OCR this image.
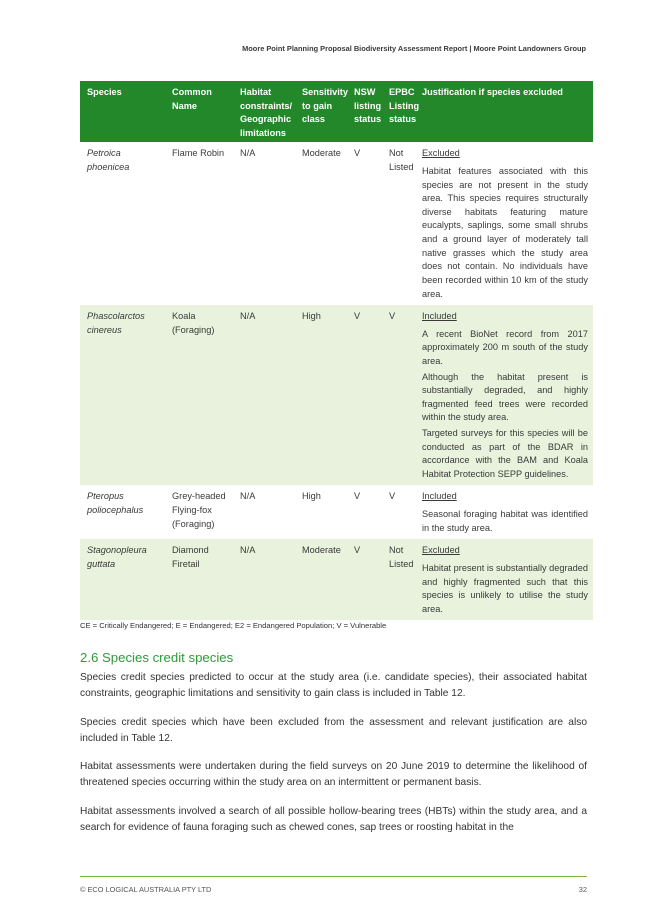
Moore Point Planning Proposal Biodiversity Assessment Report | Moore Point Landowners Group
Species	Common Name	Habitat constraints/ Geographic limitations	Sensitivity to gain class	NSW listing status	EPBC Listing status	Justification if species excluded
Petroica phoenicea	Flame Robin	N/A	Moderate	V	Not Listed	Excluded

Habitat features associated with this species are not present in the study area. This species requires structurally diverse habitats featuring mature eucalypts, saplings, some small shrubs and a ground layer of moderately tall native grasses which the study area does not contain. No individuals have been recorded within 10 km of the study area.

Phascolarctos cinereus	Koala (Foraging)	N/A	High	V	V	Included

A recent BioNet record from 2017 approximately 200 m south of the study area.

Although the habitat present is substantially degraded, and highly fragmented feed trees were recorded within the study area.

Targeted surveys for this species will be conducted as part of the BDAR in accordance with the BAM and Koala Habitat Protection SEPP guidelines.

Pteropus poliocephalus	Grey-headed Flying-fox (Foraging)	N/A	High	V	V	Included

Seasonal foraging habitat was identified in the study area.

Stagonopleura guttata	Diamond Firetail	N/A	Moderate	V	Not Listed	Excluded

Habitat present is substantially degraded and highly fragmented such that this species is unlikely to utilise the study area.

CE = Critically Endangered; E = Endangered; E2 = Endangered Population; V = Vulnerable
2.6 Species credit species

Species credit species predicted to occur at the study area (i.e. candidate species), their associated habitat constraints, geographic limitations and sensitivity to gain class is included in Table 12.

Species credit species which have been excluded from the assessment and relevant justification are also included in Table 12.

Habitat assessments were undertaken during the field surveys on 20 June 2019 to determine the likelihood of threatened species occurring within the study area on an intermittent or permanent basis.

Habitat assessments involved a search of all possible hollow-bearing trees (HBTs) within the study area, and a search for evidence of fauna foraging such as chewed cones, sap trees or roosting habitat in the

© ECO LOGICAL AUSTRALIA PTY LTD	32
